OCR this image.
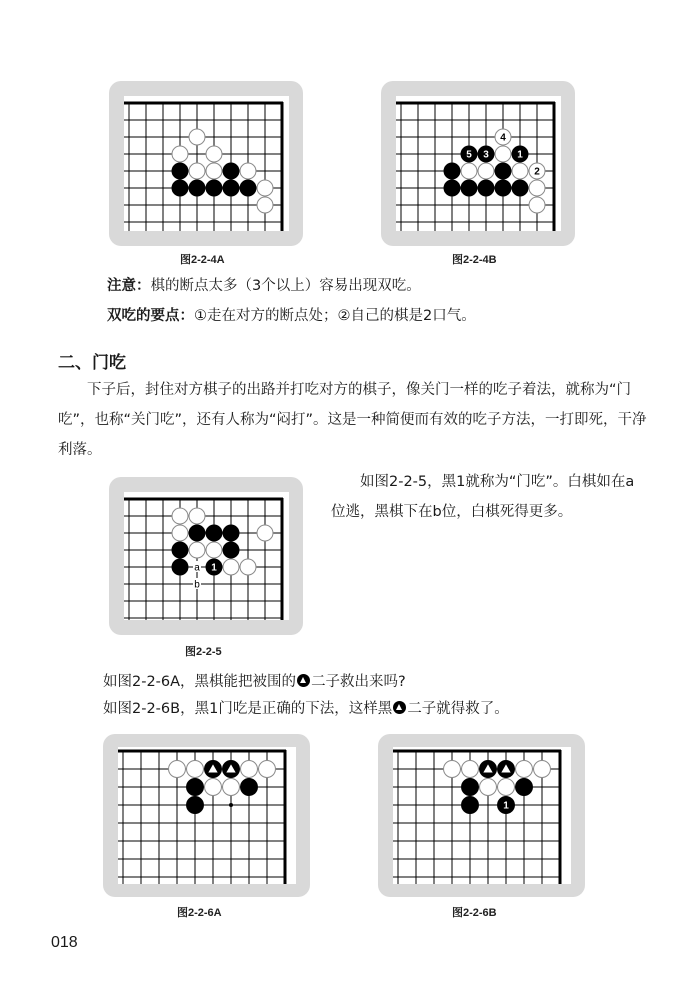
图2-2-4A
4
5 3	1
2
图2-2-4B
注意：棋的断点太多（3个以上）容易出现双吃。
双吃的要点：①走在对方的断点处；②自己的棋是2口气。
二、门吃
下子后，封住对方棋子的出路并打吃对方的棋子，像关门一样的吃子着法，就称为“门吃”，也称“关门吃”，还有人称为“闷打”。这是一种简便而有效的吃子方法，一打即死，干净利落。
1
a
b
图2-2-5
如图2-2-5，黑1就称为“门吃”。白棋如在a位逃，黑棋下在b位，白棋死得更多。
如图2-2-6A，黑棋能把被围的 二子救出来吗?
如图2-2-6B，黑1门吃是正确的下法，这样黑 二子就得救了。
图2-2-6A
1
图2-2-6B
018
